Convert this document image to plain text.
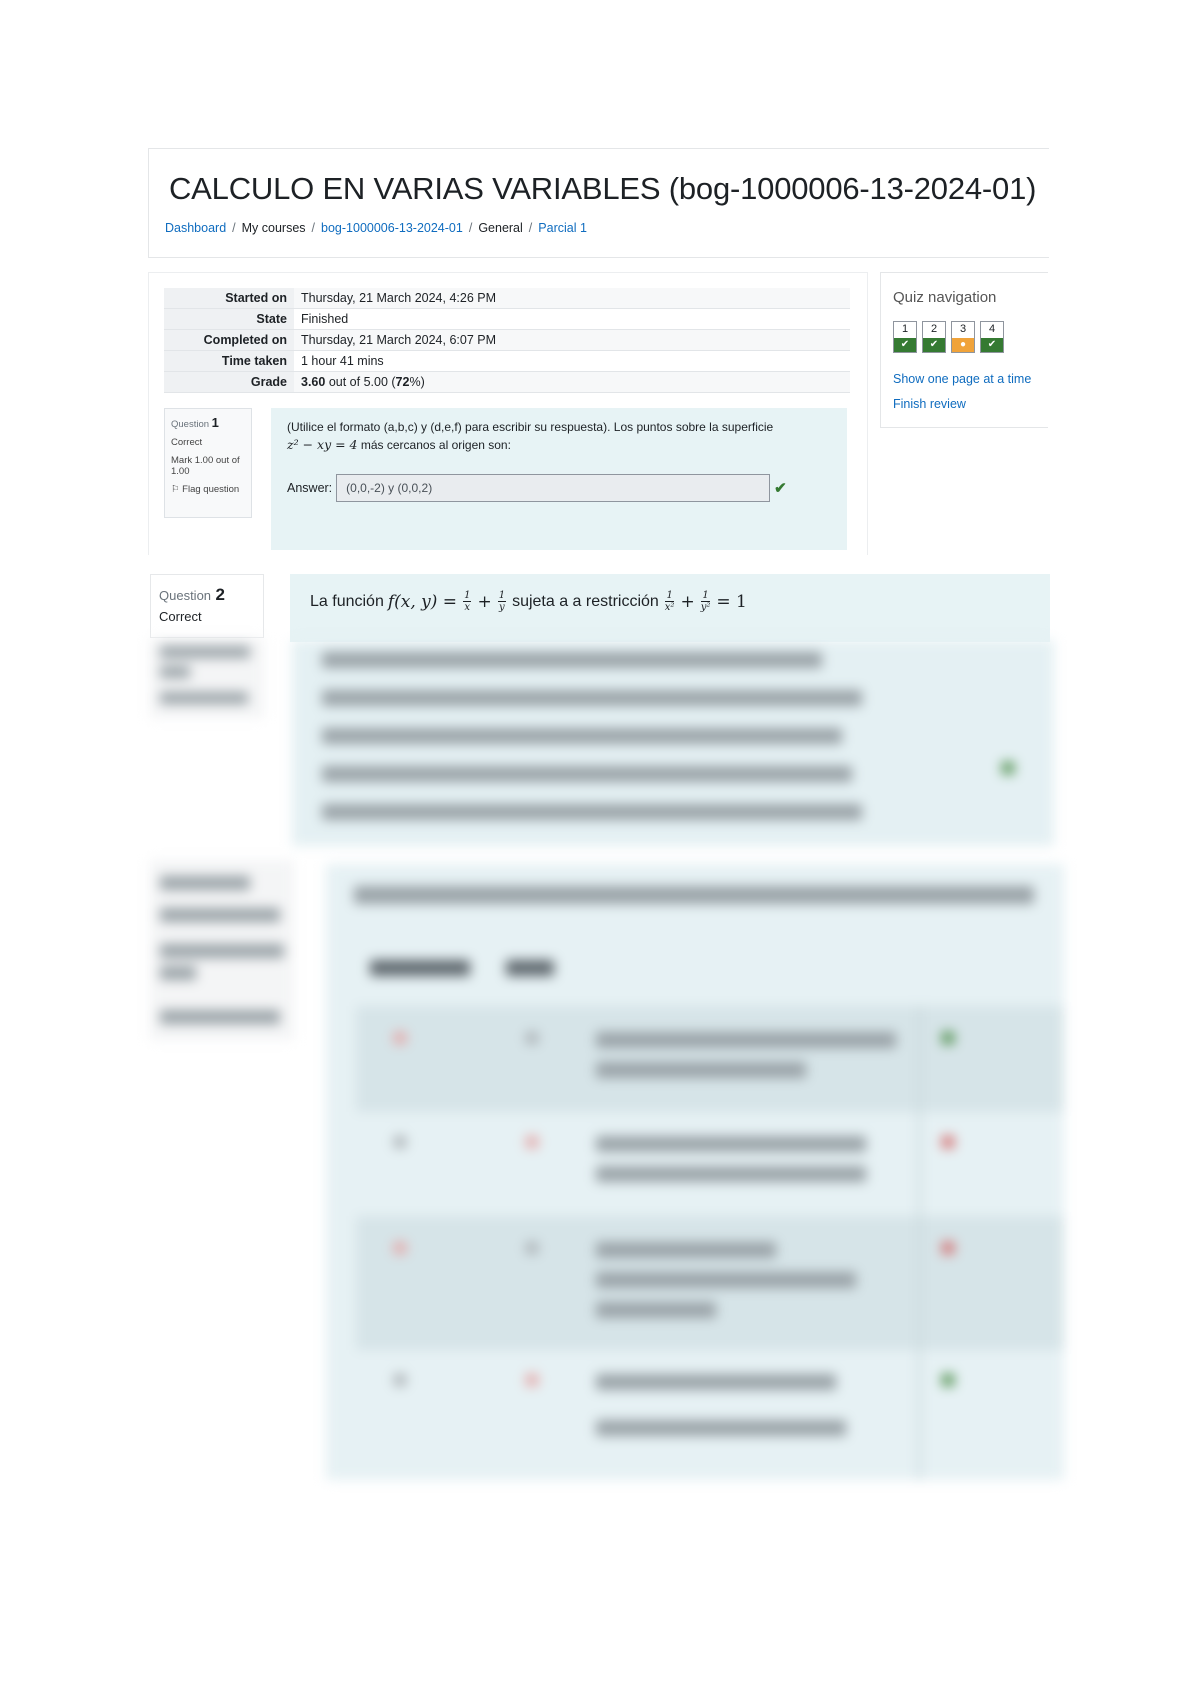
CALCULO EN VARIAS VARIABLES (bog-1000006-13-2024-01)
Dashboard / My courses / bog-1000006-13-2024-01 / General / Parcial 1
Started on	Thursday, 21 March 2024, 4:26 PM
State	Finished
Completed on	Thursday, 21 March 2024, 6:07 PM
Time taken	1 hour 41 mins
Grade	3.60 out of 5.00 (72%)
Question 1
Correct
Mark 1.00 out of 1.00
⚐ Flag question
(Utilice el formato (a,b,c) y (d,e,f) para escribir su respuesta). Los puntos sobre la superficie
z² − xy = 4 más cercanos al origen son:
Answer:	(0,0,-2) y (0,0,2)	✔
Quiz navigation
1
✔
2
✔
3
●
4
✔
Show one page at a time
Finish review
Question 2
Correct
La función f(x, $y) = \frac{1}{x} + \frac{1}{y}$ sujeta a a restricción $\frac{1}{\text{x²}} + \frac{1}{\text{y²}} = 1$
